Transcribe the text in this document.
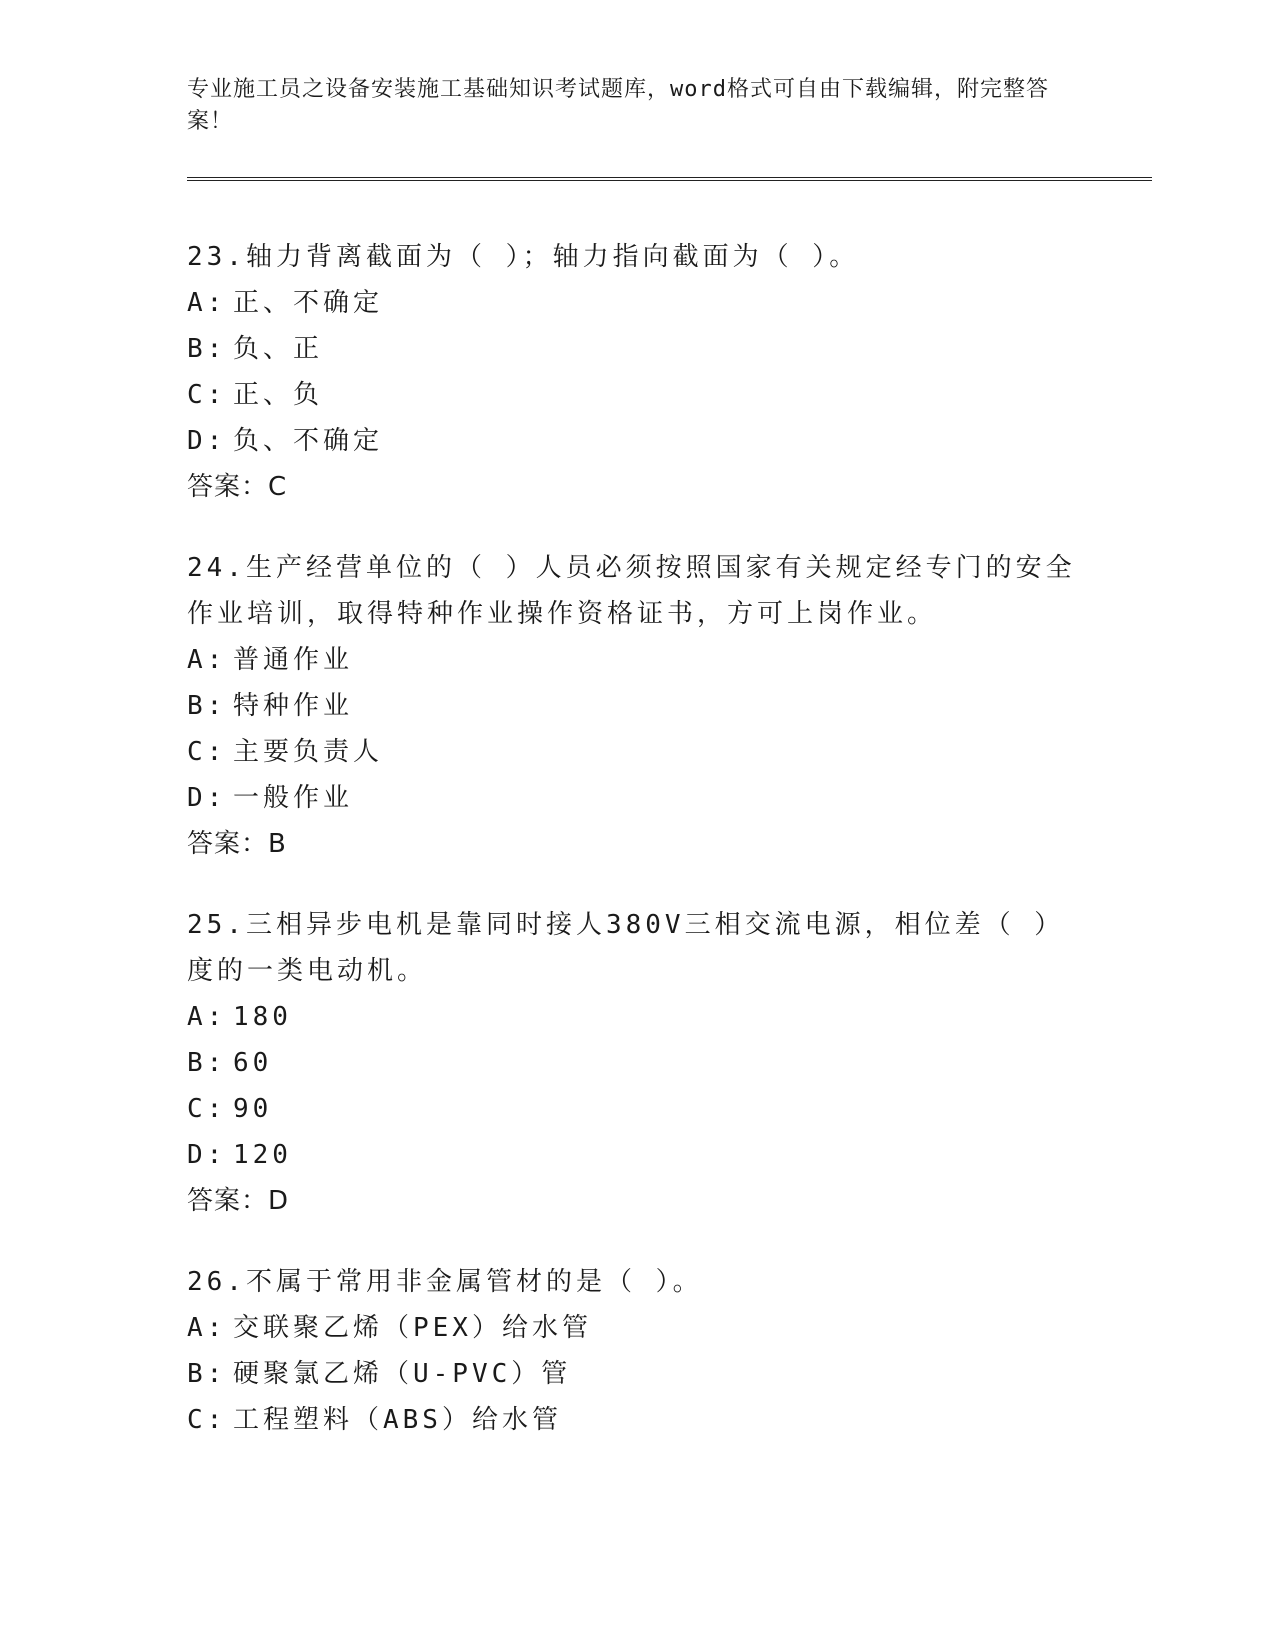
专业施工员之设备安装施工基础知识考试题库，word格式可自由下载编辑，附完整答案！
23.轴力背离截面为（ ）；轴力指向截面为（ ）。
A: 正、不确定
B: 负、正
C: 正、负
D: 负、不确定
答案：C
24.生产经营单位的（ ）人员必须按照国家有关规定经专门的安全作业培训，取得特种作业操作资格证书，方可上岗作业。
A: 普通作业
B: 特种作业
C: 主要负责人
D: 一般作业
答案：B
25.三相异步电机是靠同时接人380V三相交流电源，相位差（ ）度的一类电动机。
A: 180
B: 60
C: 90
D: 120
答案：D
26.不属于常用非金属管材的是（ ）。
A: 交联聚乙烯（PEX）给水管
B: 硬聚氯乙烯（U-PVC）管
C: 工程塑料（ABS）给水管
